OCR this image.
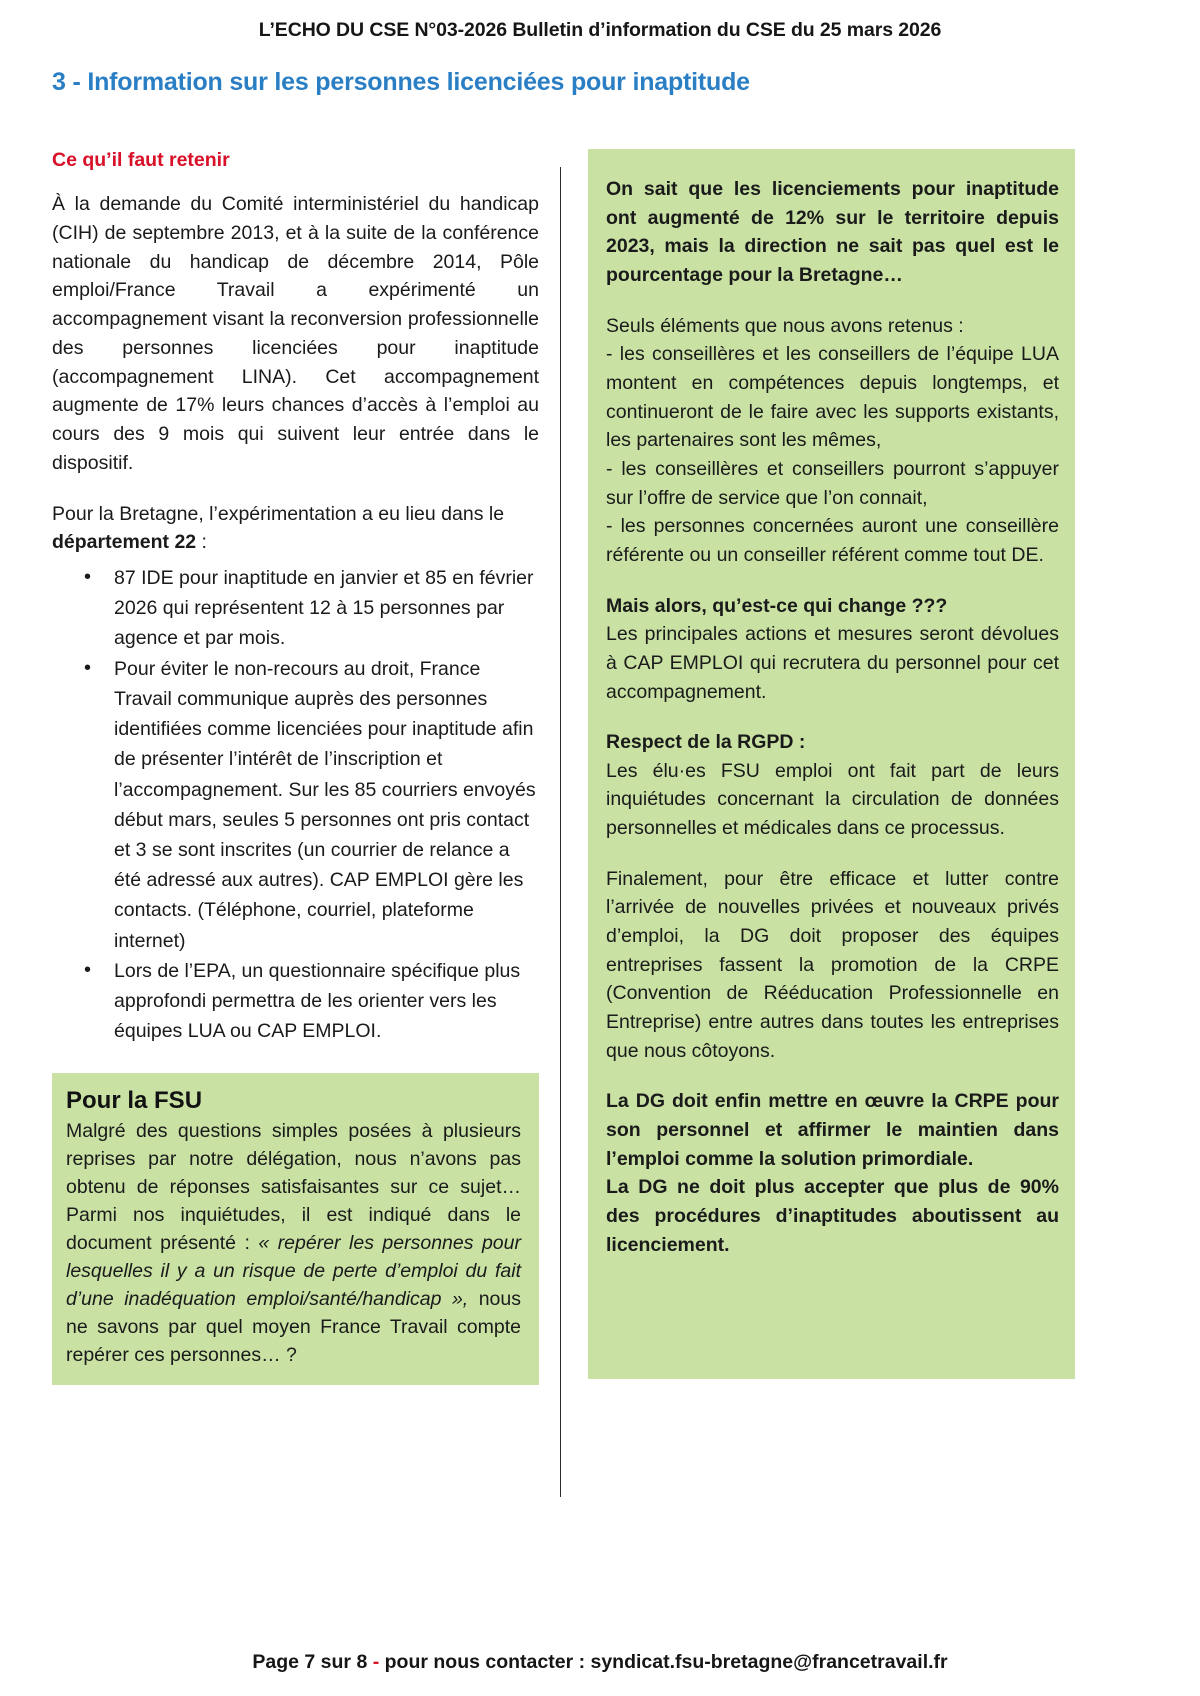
L’ECHO DU CSE N°03-2026 Bulletin d’information du CSE du 25 mars 2026
3 - Information sur les personnes licenciées pour inaptitude
Ce qu’il faut retenir

À la demande du Comité interministériel du handicap (CIH) de septembre 2013, et à la suite de la conférence nationale du handicap de décembre 2014, Pôle emploi/France Travail a expérimenté un accompagnement visant la reconversion professionnelle des personnes licenciées pour inaptitude (accompagnement LINA). Cet accompagnement augmente de 17% leurs chances d’accès à l’emploi au cours des 9 mois qui suivent leur entrée dans le dispositif.

Pour la Bretagne, l’expérimentation a eu lieu dans le département 22 :

• 87 IDE pour inaptitude en janvier et 85 en février 2026 qui représentent 12 à 15 personnes par agence et par mois.
• Pour éviter le non-recours au droit, France Travail communique auprès des personnes identifiées comme licenciées pour inaptitude afin de présenter l’intérêt de l’inscription et l’accompagnement. Sur les 85 courriers envoyés début mars, seules 5 personnes ont pris contact et 3 se sont inscrites (un courrier de relance a été adressé aux autres). CAP EMPLOI gère les contacts. (Téléphone, courriel, plateforme internet)
• Lors de l’EPA, un questionnaire spécifique plus approfondi permettra de les orienter vers les équipes LUA ou CAP EMPLOI.
Pour la FSU

Malgré des questions simples posées à plusieurs reprises par notre délégation, nous n’avons pas obtenu de réponses satisfaisantes sur ce sujet… Parmi nos inquiétudes, il est indiqué dans le document présenté : « repérer les personnes pour lesquelles il y a un risque de perte d’emploi du fait d’une inadéquation emploi/santé/handicap », nous ne savons par quel moyen France Travail compte repérer ces personnes… ?

On sait que les licenciements pour inaptitude ont augmenté de 12% sur le territoire depuis 2023, mais la direction ne sait pas quel est le pourcentage pour la Bretagne…

Seuls éléments que nous avons retenus :

- les conseillères et les conseillers de l’équipe LUA montent en compétences depuis longtemps, et continueront de le faire avec les supports existants, les partenaires sont les mêmes,

- les conseillères et conseillers pourront s’appuyer sur l’offre de service que l’on connait,

- les personnes concernées auront une conseillère référente ou un conseiller référent comme tout DE.

Mais alors, qu’est-ce qui change ???

Les principales actions et mesures seront dévolues à CAP EMPLOI qui recrutera du personnel pour cet accompagnement.

Respect de la RGPD :

Les élu·es FSU emploi ont fait part de leurs inquiétudes concernant la circulation de données personnelles et médicales dans ce processus.

Finalement, pour être efficace et lutter contre l’arrivée de nouvelles privées et nouveaux privés d’emploi, la DG doit proposer des équipes entreprises fassent la promotion de la CRPE (Convention de Rééducation Professionnelle en Entreprise) entre autres dans toutes les entreprises que nous côtoyons.

La DG doit enfin mettre en œuvre la CRPE pour son personnel et affirmer le maintien dans l’emploi comme la solution primordiale.

La DG ne doit plus accepter que plus de 90% des procédures d’inaptitudes aboutissent au licenciement.

Page 7 sur 8 - pour nous contacter : syndicat.fsu-bretagne@francetravail.fr
